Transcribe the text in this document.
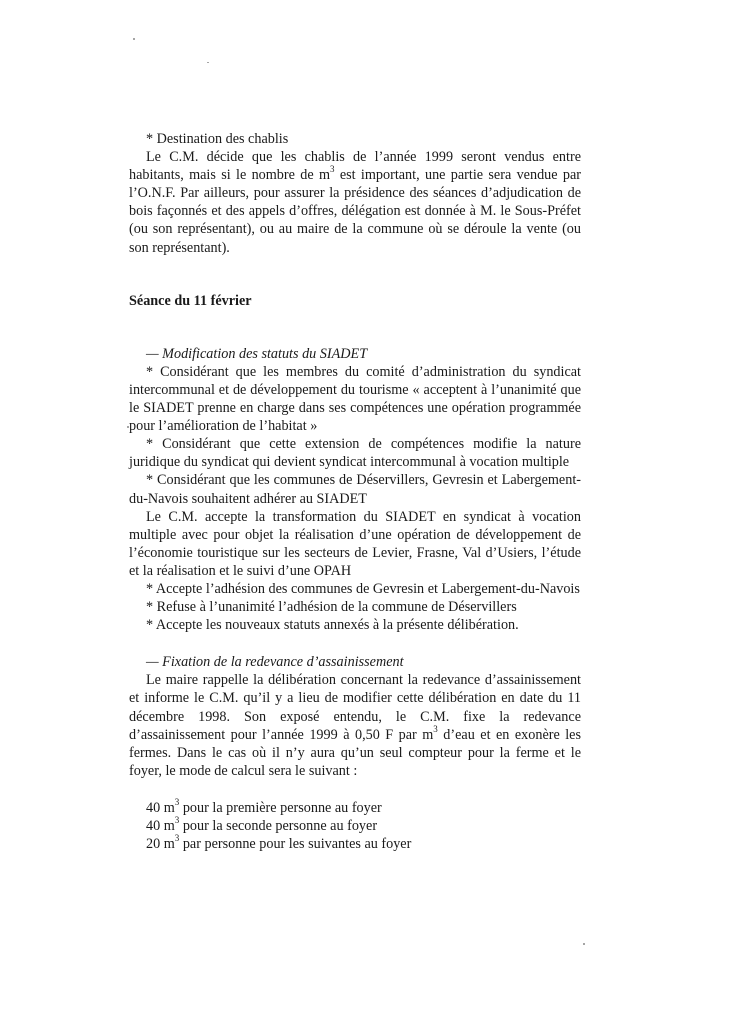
* Destination des chablis

Le C.M. décide que les chablis de l’année 1999 seront vendus entre habitants, mais si le nombre de $m^3$ est important, une partie sera vendue par l’O.N.F. Par ailleurs, pour assurer la présidence des séances d’adjudication de bois façonnés et des appels d’offres, délégation est donnée à M. le Sous-Préfet (ou son représentant), ou au maire de la commune où se déroule la vente (ou son représentant).

Séance du 11 février

— Modification des statuts du SIADET

* Considérant que les membres du comité d’administration du syndicat intercommunal et de développement du tourisme « acceptent à l’unanimité que le SIADET prenne en charge dans ses compétences une opération programmée pour l’amélioration de l’habitat »

* Considérant que cette extension de compétences modifie la nature juridique du syndicat qui devient syndicat intercommunal à vocation multiple

* Considérant que les communes de Déservillers, Gevresin et Labergement-du-Navois souhaitent adhérer au SIADET

Le C.M. accepte la transformation du SIADET en syndicat à vocation multiple avec pour objet la réalisation d’une opération de développement de l’économie touristique sur les secteurs de Levier, Frasne, Val d’Usiers, l’étude et la réalisation et le suivi d’une OPAH

* Accepte l’adhésion des communes de Gevresin et Labergement-du-Navois

* Refuse à l’unanimité l’adhésion de la commune de Déservillers

* Accepte les nouveaux statuts annexés à la présente délibération.

— Fixation de la redevance d’assainissement

Le maire rappelle la délibération concernant la redevance d’assainissement et informe le C.M. qu’il y a lieu de modifier cette délibération en date du 11 décembre 1998. Son exposé entendu, le C.M. fixe la redevance d’assainissement pour l’année 1999 à 0,50 F par $m^3$ d’eau et en exonère les fermes. Dans le cas où il n’y aura qu’un seul compteur pour la ferme et le foyer, le mode de calcul sera le suivant :

40 $m^3$ pour la première personne au foyer

40 $m^3$ pour la seconde personne au foyer

20 $m^3$ par personne pour les suivantes au foyer
